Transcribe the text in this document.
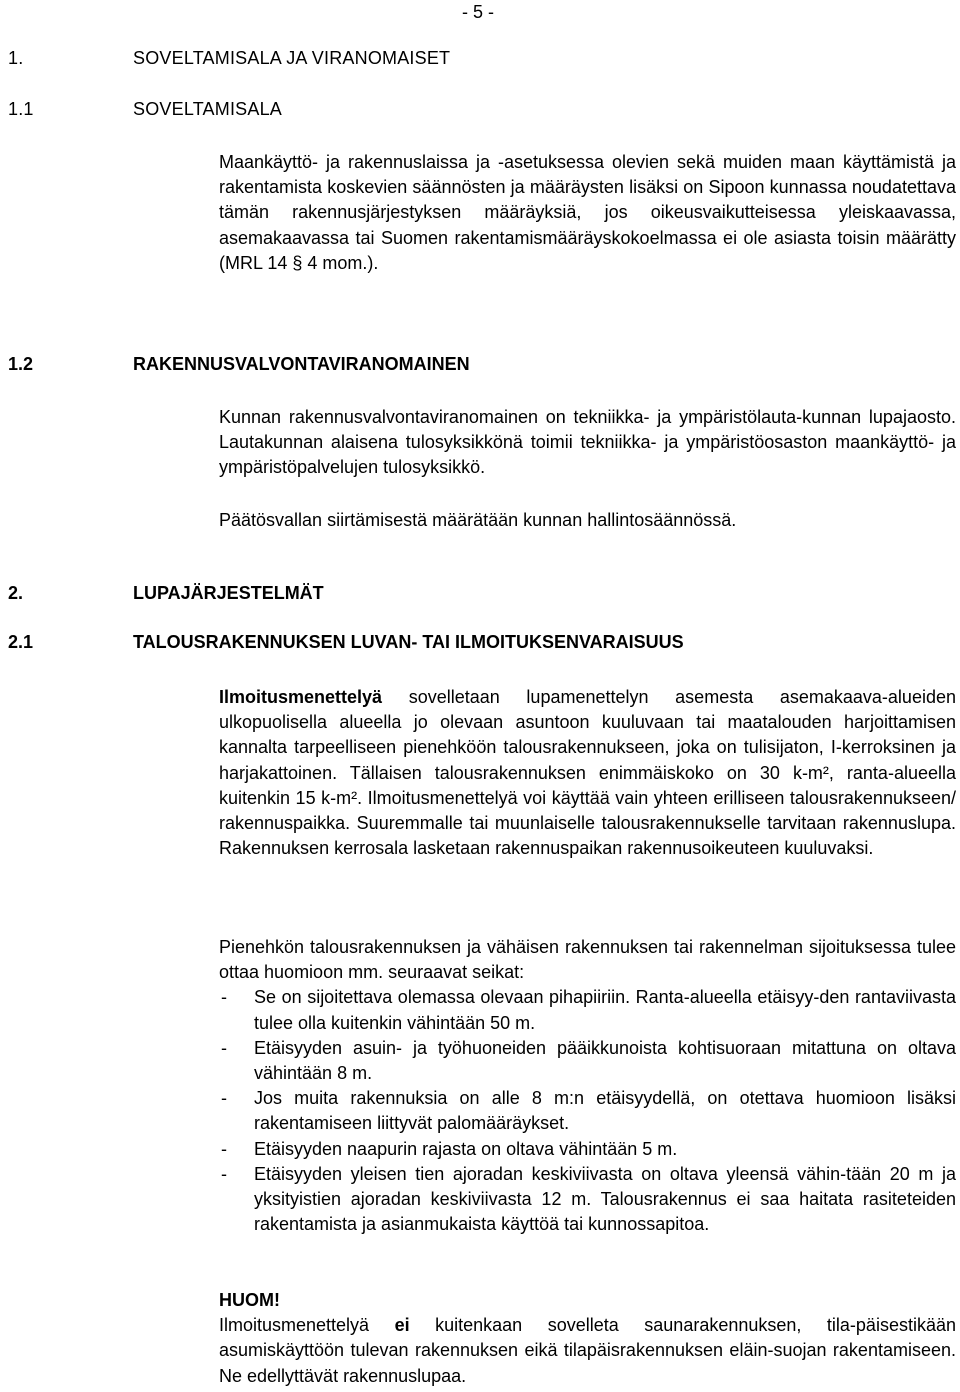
- 5 -
1.	SOVELTAMISALA JA VIRANOMAISET
1.1	SOVELTAMISALA

Maankäyttö- ja rakennuslaissa ja -asetuksessa olevien sekä muiden maan käyttämistä ja rakentamista koskevien säännösten ja määräysten lisäksi on Sipoon kunnassa noudatettava tämän rakennusjärjestyksen määräyksiä, jos oikeusvaikutteisessa yleiskaavassa, asemakaavassa tai Suomen rakentamismääräyskokoelmassa ei ole asiasta toisin määrätty (MRL 14 § 4 mom.).

1.2	RAKENNUSVALVONTAVIRANOMAINEN

Kunnan rakennusvalvontaviranomainen on tekniikka- ja ympäristölauta-kunnan lupajaosto. Lautakunnan alaisena tulosyksikkönä toimii tekniikka- ja ympäristöosaston maankäyttö- ja ympäristöpalvelujen tulosyksikkö.

Päätösvallan siirtämisestä määrätään kunnan hallintosäännössä.

2.	LUPAJÄRJESTELMÄT
2.1	TALOUSRAKENNUKSEN LUVAN- TAI ILMOITUKSENVARAISUUS

Ilmoitusmenettelyä sovelletaan lupamenettelyn asemesta asemakaava-alueiden ulkopuolisella alueella jo olevaan asuntoon kuuluvaan tai maatalouden harjoittamisen kannalta tarpeelliseen pienehköön talousrakennukseen, joka on tulisijaton, I-kerroksinen ja harjakattoinen. Tällaisen talousrakennuksen enimmäiskoko on 30 k-m², ranta-alueella kuitenkin 15 k-m². Ilmoitusmenettelyä voi käyttää vain yhteen erilliseen talousrakennukseen/ rakennuspaikka. Suuremmalle tai muunlaiselle talousrakennukselle tarvitaan rakennuslupa. Rakennuksen kerrosala lasketaan rakennuspaikan rakennusoikeuteen kuuluvaksi.

Pienehkön talousrakennuksen ja vähäisen rakennuksen tai rakennelman sijoituksessa tulee ottaa huomioon mm. seuraavat seikat:

- Se on sijoitettava olemassa olevaan pihapiiriin. Ranta-alueella etäisyy-den rantaviivasta tulee olla kuitenkin vähintään 50 m.
- Etäisyyden asuin- ja työhuoneiden pääikkunoista kohtisuoraan mitattuna on oltava vähintään 8 m.
- Jos muita rakennuksia on alle 8 m:n etäisyydellä, on otettava huomioon lisäksi rakentamiseen liittyvät palomääräykset.
- Etäisyyden naapurin rajasta on oltava vähintään 5 m.
- Etäisyyden yleisen tien ajoradan keskiviivasta on oltava yleensä vähin-tään 20 m ja yksityistien ajoradan keskiviivasta 12 m. Talousrakennus ei saa haitata rasiteteiden rakentamista ja asianmukaista käyttöä tai kunnossapitoa.

HUOM!

Ilmoitusmenettelyä ei kuitenkaan sovelleta saunarakennuksen, tila-päisestikään asumiskäyttöön tulevan rakennuksen eikä tilapäisrakennuksen eläin-suojan rakentamiseen. Ne edellyttävät rakennuslupaa.
